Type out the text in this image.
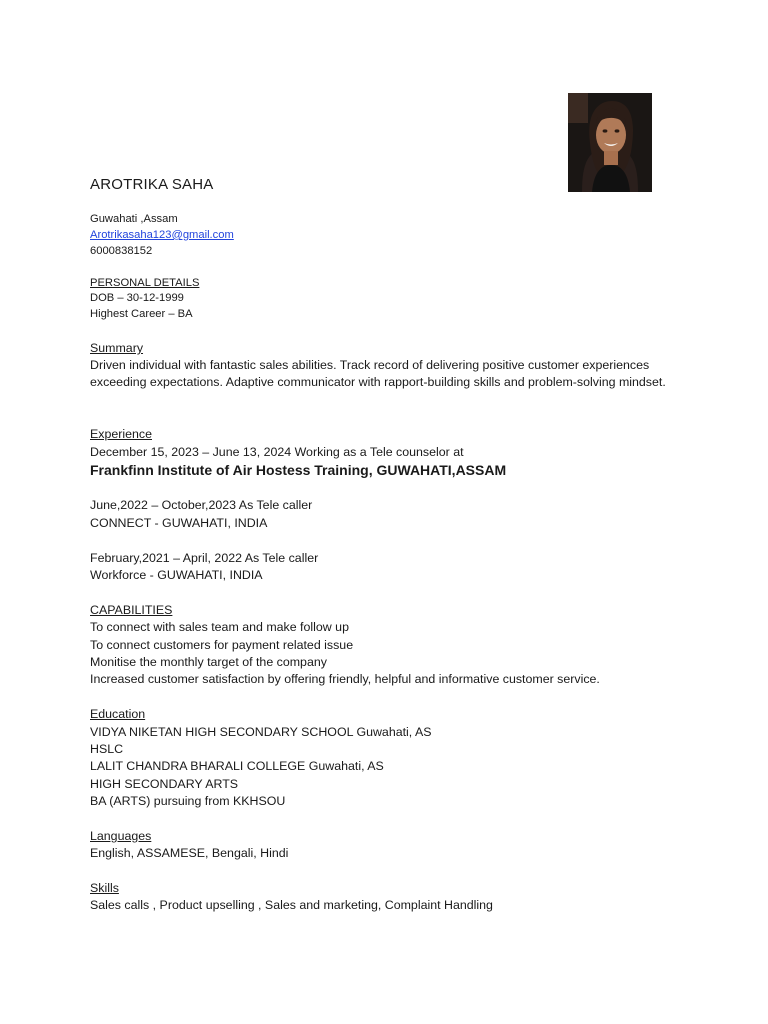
AROTRIKA SAHA
Guwahati ,Assam
Arotrikasaha123@gmail.com
6000838152
PERSONAL DETAILS
DOB – 30-12-1999
Highest Career – BA
Summary
Driven individual with fantastic sales abilities. Track record of delivering positive customer experiences exceeding expectations. Adaptive communicator with rapport-building skills and problem-solving mindset.
Experience
December 15, 2023 – June 13, 2024 Working as a Tele counselor at
Frankfinn Institute of Air Hostess Training, GUWAHATI,ASSAM
June,2022 – October,2023 As Tele caller
CONNECT - GUWAHATI, INDIA
February,2021 – April, 2022 As Tele caller
Workforce - GUWAHATI, INDIA
CAPABILITIES
To connect with sales team and make follow up
To connect customers for payment related issue
Monitise the monthly target of the company
Increased customer satisfaction by offering friendly, helpful and informative customer service.
Education
VIDYA NIKETAN HIGH SECONDARY SCHOOL Guwahati, AS
HSLC
LALIT CHANDRA BHARALI COLLEGE Guwahati, AS
HIGH SECONDARY ARTS
BA (ARTS) pursuing from KKHSOU
Languages
English, ASSAMESE, Bengali, Hindi
Skills
Sales calls , Product upselling , Sales and marketing, Complaint Handling
